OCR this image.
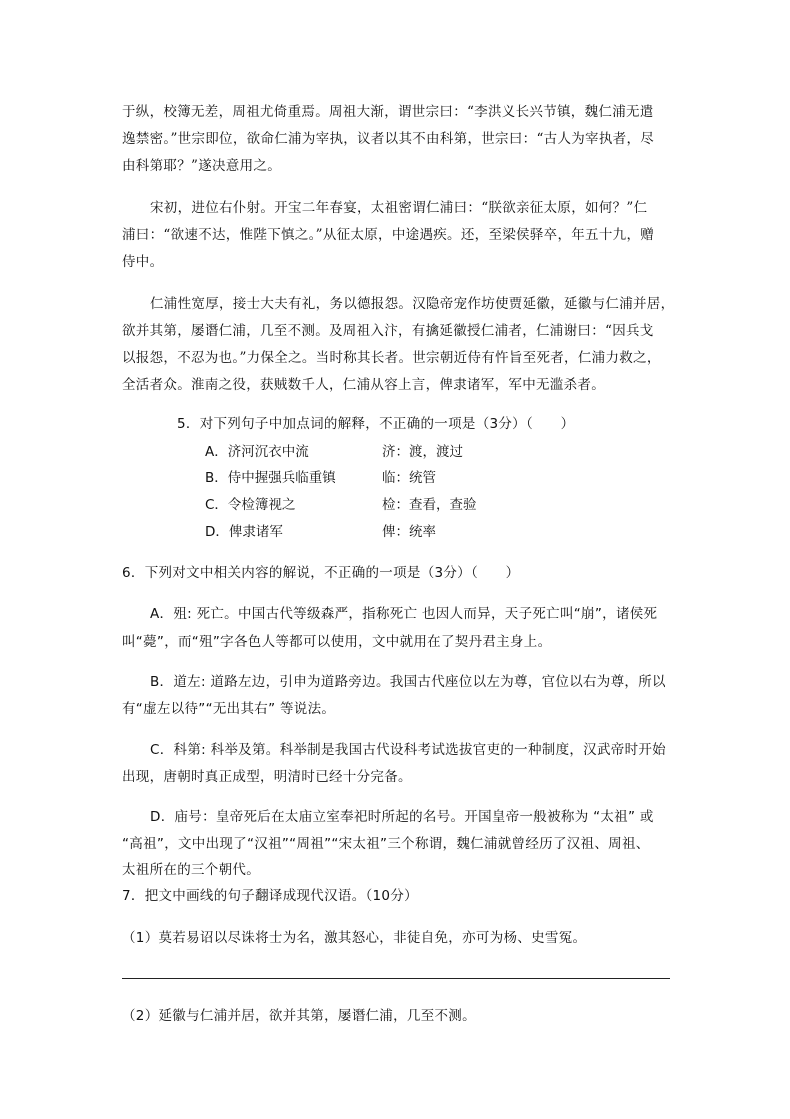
于纵，校簿无差，周祖尤倚重焉。周祖大渐，谓世宗曰：“李洪义长兴节镇，魏仁浦无遣
逸禁密。”世宗即位，欲命仁浦为宰执，议者以其不由科第，世宗曰：“古人为宰执者，尽
由科第耶？”遂决意用之。
宋初，进位右仆射。开宝二年春宴，太祖密谓仁浦曰：“朕欲亲征太原，如何？”仁
浦曰：“欲速不达，惟陛下慎之。”从征太原，中途遇疾。还，至梁侯驿卒，年五十九，赠
侍中。
仁浦性宽厚，接士大夫有礼，务以德报怨。汉隐帝宠作坊使贾延徽，延徽与仁浦并居，
欲并其第，屡谮仁浦，几至不测。及周祖入汴，有擒延徽授仁浦者，仁浦谢曰：“因兵戈
以报怨，不忍为也。”力保全之。当时称其长者。世宗朝近侍有忤旨至死者，仁浦力救之，
全活者众。淮南之役，获贼数千人，仁浦从容上言，俾隶诸军，军中无滥杀者。
5．对下列句子中加点词的解释，不正确的一项是（3分）（　　）
A．济河沉衣中流	济：渡，渡过
B．侍中握强兵临重镇	临：统管
C．令检簿视之	检：查看，查验
D．俾隶诸军	俾：统率
6．下列对文中相关内容的解说，不正确的一项是（3分）（　　）
A．殂: 死亡。中国古代等级森严，指称死亡 也因人而异，天子死亡叫“崩”，诸侯死
叫“薨”，而“殂”字各色人等都可以使用，文中就用在了契丹君主身上。
B．道左: 道路左边，引申为道路旁边。我国古代座位以左为尊，官位以右为尊，所以
有“虚左以待”“无出其右” 等说法。
C．科第: 科举及第。科举制是我国古代设科考试选拔官吏的一种制度，汉武帝时开始
出现，唐朝时真正成型，明清时已经十分完备。
D．庙号：皇帝死后在太庙立室奉祀时所起的名号。开国皇帝一般被称为 “太祖” 或
“高祖”，文中出现了“汉祖”“周祖”“宋太祖”三个称谓，魏仁浦就曾经历了汉祖、周祖、
太祖所在的三个朝代。
7．把文中画线的句子翻译成现代汉语。（10分）
（1）莫若易诏以尽诛将士为名，激其怒心，非徒自免，亦可为杨、史雪冤。
（2）延徽与仁浦并居，欲并其第，屡谮仁浦，几至不测。
